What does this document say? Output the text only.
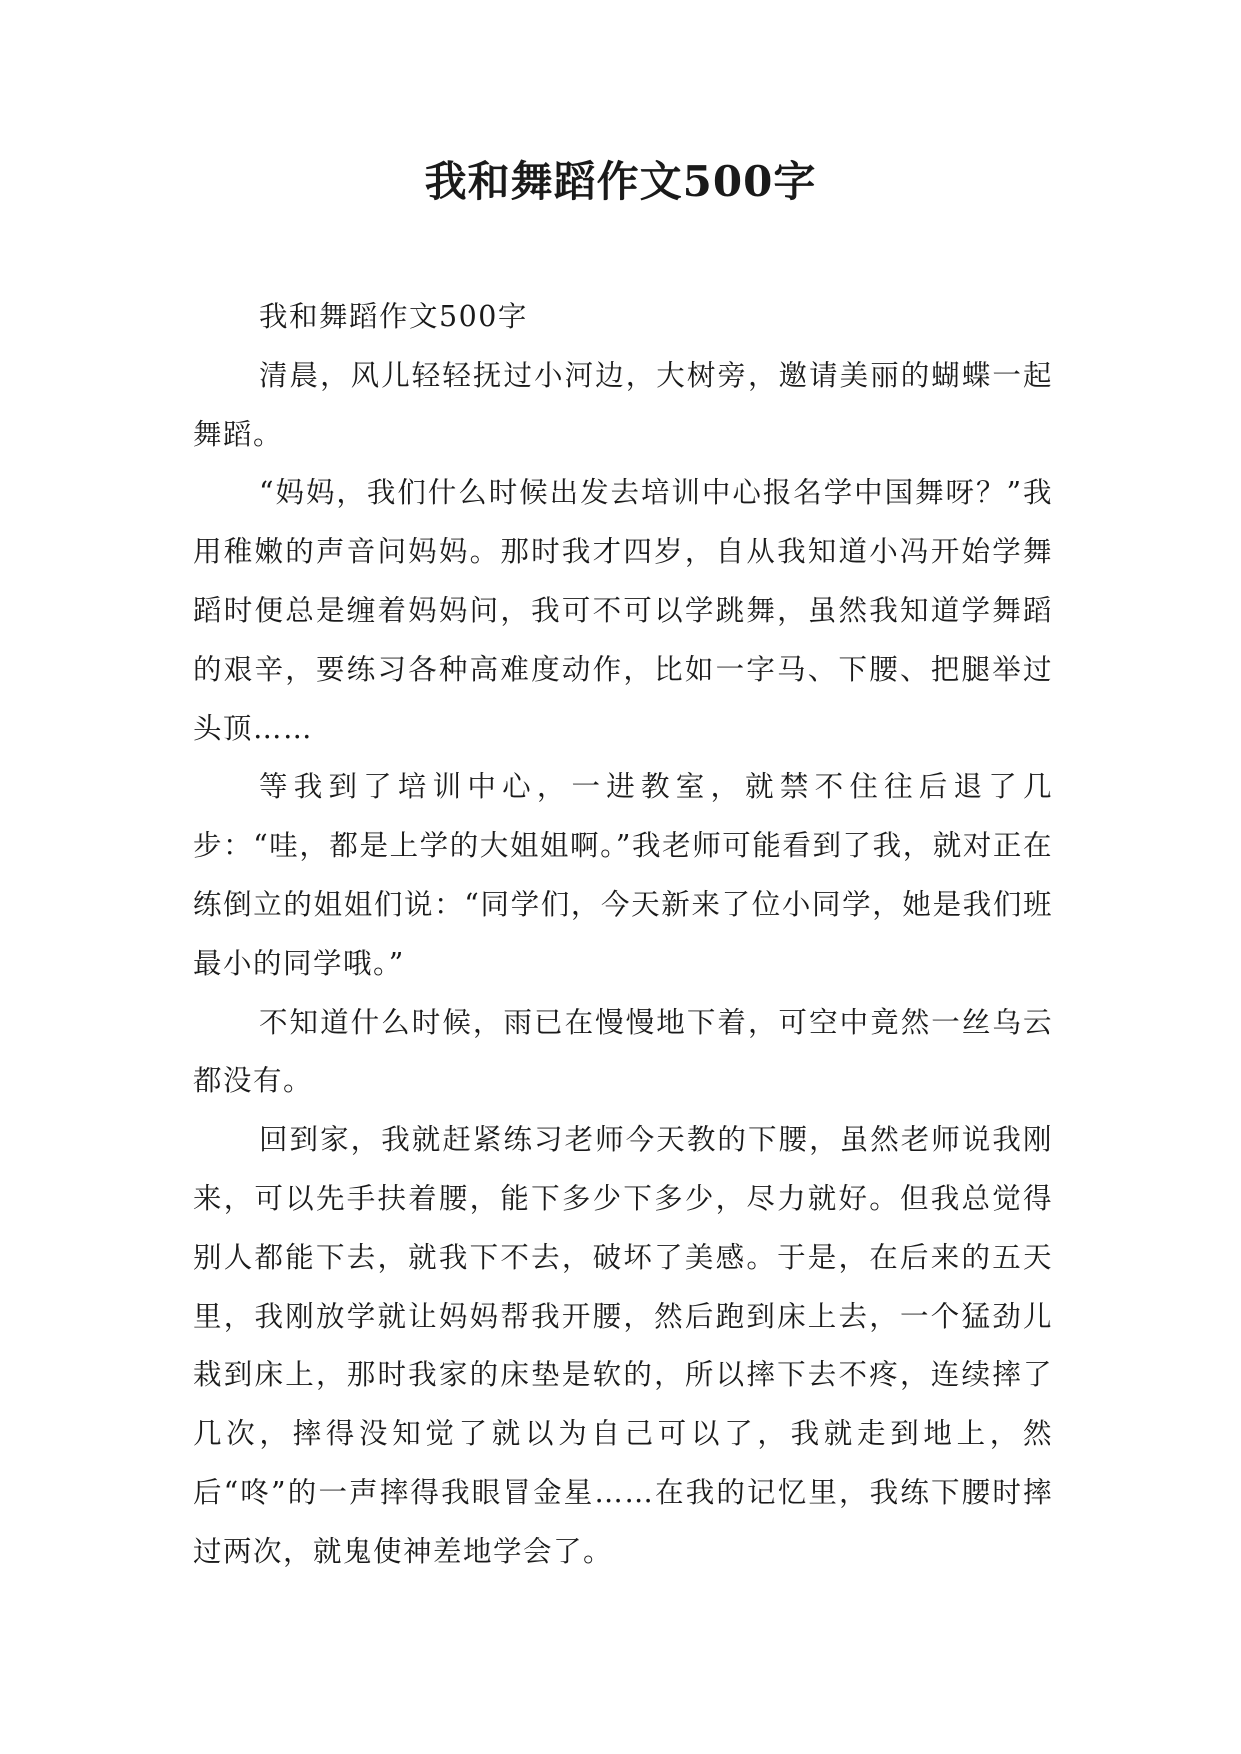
我和舞蹈作文500字

我和舞蹈作文500字

清晨，风儿轻轻抚过小河边，大树旁，邀请美丽的蝴蝶一起舞蹈。

“妈妈，我们什么时候出发去培训中心报名学中国舞呀？”我用稚嫩的声音问妈妈。那时我才四岁，自从我知道小冯开始学舞蹈时便总是缠着妈妈问，我可不可以学跳舞，虽然我知道学舞蹈的艰辛，要练习各种高难度动作，比如一字马、下腰、把腿举过头顶……

等我到了培训中心，一进教室，就禁不住往后退了几步：“哇，都是上学的大姐姐啊。”我老师可能看到了我，就对正在练倒立的姐姐们说：“同学们，今天新来了位小同学，她是我们班最小的同学哦。”

不知道什么时候，雨已在慢慢地下着，可空中竟然一丝乌云都没有。

回到家，我就赶紧练习老师今天教的下腰，虽然老师说我刚来，可以先手扶着腰，能下多少下多少，尽力就好。但我总觉得别人都能下去，就我下不去，破坏了美感。于是，在后来的五天里，我刚放学就让妈妈帮我开腰，然后跑到床上去，一个猛劲儿栽到床上，那时我家的床垫是软的，所以摔下去不疼，连续摔了几次，摔得没知觉了就以为自己可以了，我就走到地上，然后“咚”的一声摔得我眼冒金星……在我的记忆里，我练下腰时摔过两次，就鬼使神差地学会了。
